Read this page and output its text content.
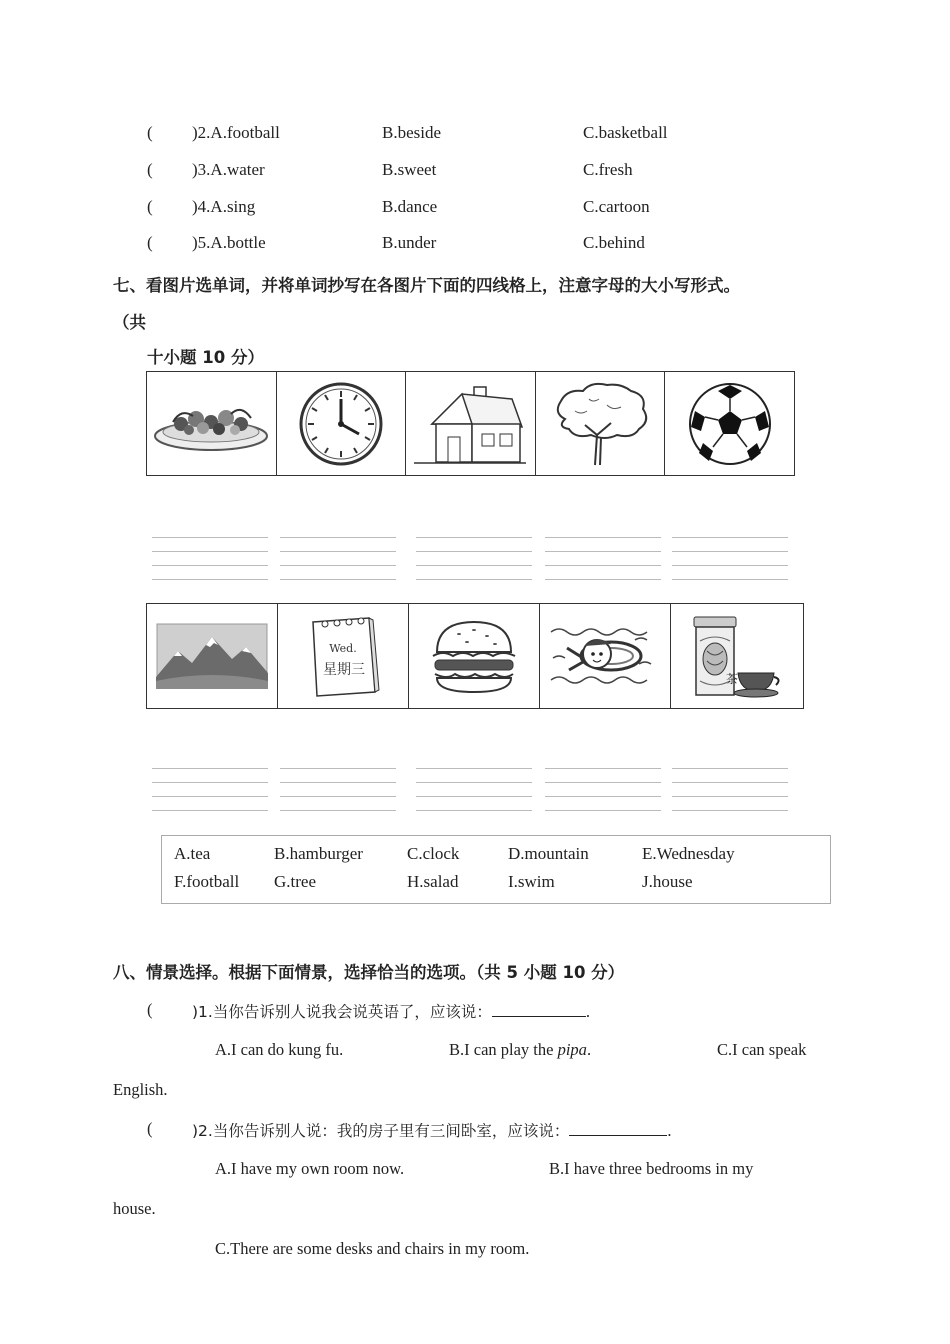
( )2.A.football	B.beside	C.basketball
( )3.A.water	B.sweet	C.fresh
( )4.A.sing	B.dance	C.cartoon
( )5.A.bottle	B.under	C.behind
七、看图片选单词，并将单词抄写在各图片下面的四线格上，注意字母的大小写形式。
（共
十小题 10 分）
Wed.
星期三
茶
A.tea	B.hamburger	C.clock	D.mountain	E.Wednesday
F.football G.tree	H.salad	I.swim	J.house
八、情景选择。根据下面情景，选择恰当的选项。（共 5 小题 10 分）
(	)1.当你告诉别人说我会说英语了，应该说：	.
A.I can do kung fu.	B.I can play the pipa.	C.I can speak
English.
(	)2.当你告诉别人说：我的房子里有三间卧室，应该说：	.
A.I have my own room now.	B.I have three bedrooms in my
house.
C.There are some desks and chairs in my room.
